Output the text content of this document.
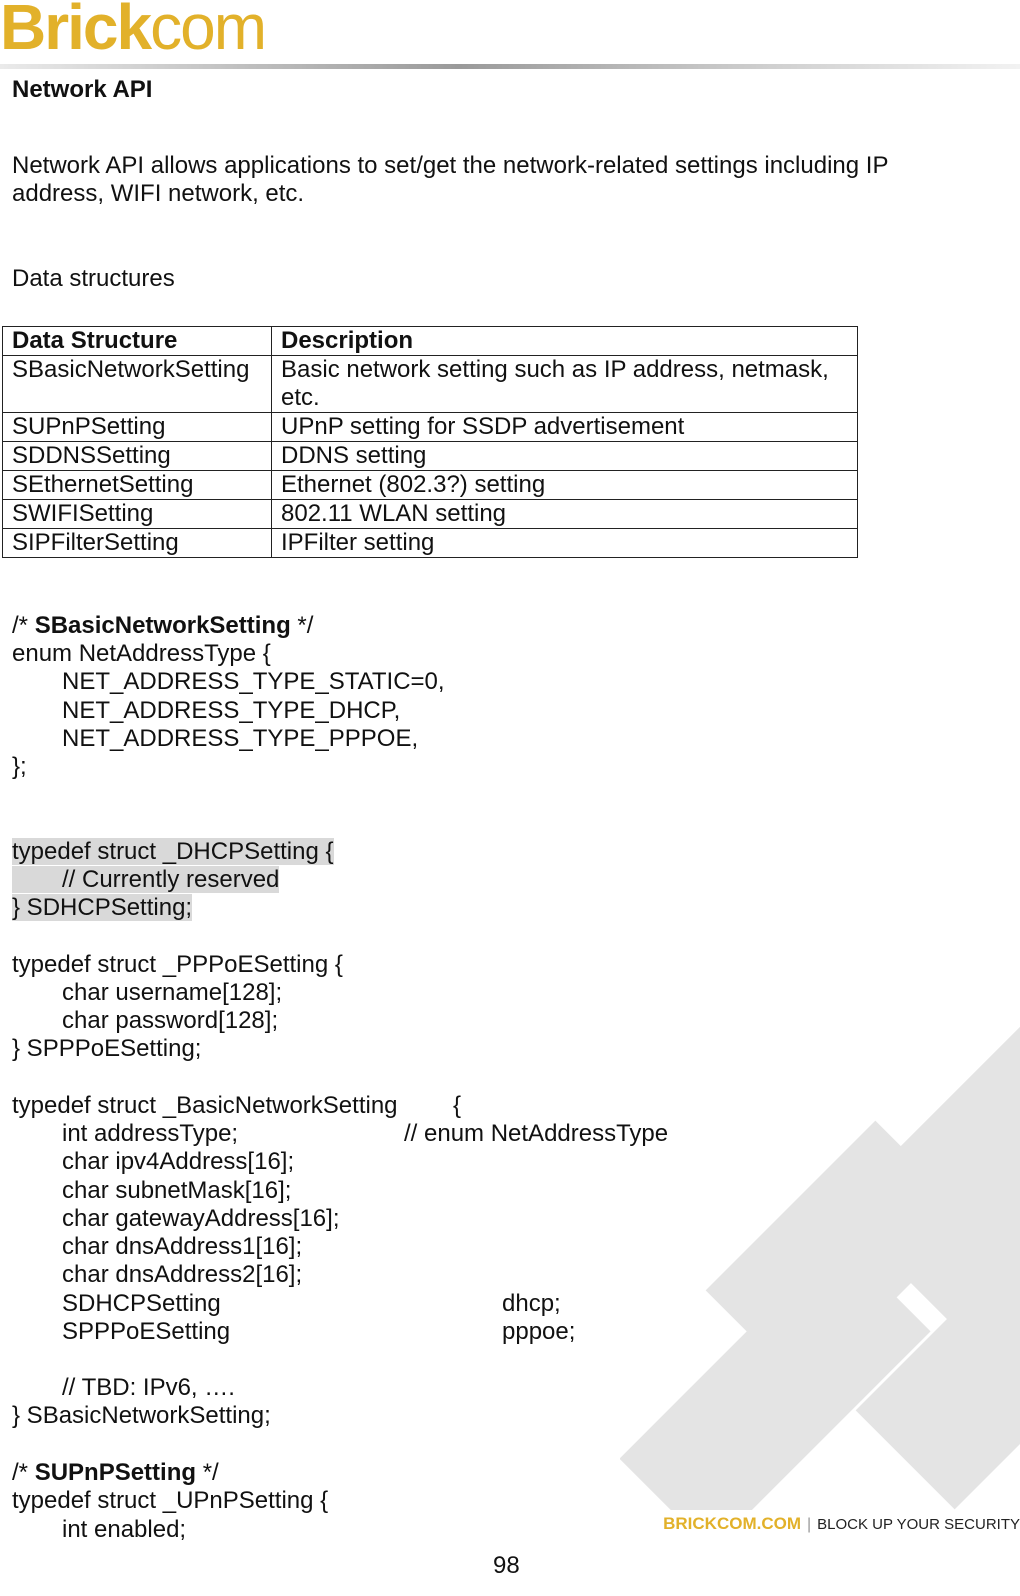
Brickcom
Network API
Network API allows applications to set/get the network-related settings including IP
address, WIFI network, etc.
Data structures
Data Structure	Description
SBasicNetworkSetting	Basic network setting such as IP address, netmask, etc.
SUPnPSetting	UPnP setting for SSDP advertisement
SDDNSSetting	DDNS setting
SEthernetSetting	Ethernet (802.3?) setting
SWIFISetting	802.11 WLAN setting
SIPFilterSetting	IPFilter setting
/* SBasicNetworkSetting */
enum NetAddressType {
NET_ADDRESS_TYPE_STATIC=0,
NET_ADDRESS_TYPE_DHCP,
NET_ADDRESS_TYPE_PPPOE,
};
typedef struct _DHCPSetting {
// Currently reserved
} SDHCPSetting;
typedef struct _PPPoESetting {
char username[128];
char password[128];
} SPPPoESetting;
typedef struct _BasicNetworkSetting {
int addressType;	// enum NetAddressType
char ipv4Address[16];
char subnetMask[16];
char gatewayAddress[16];
char dnsAddress1[16];
char dnsAddress2[16];
SDHCPSetting	dhcp;
SPPPoESetting	pppoe;
// TBD: IPv6, ….
} SBasicNetworkSetting;
/* SUPnPSetting */
typedef struct _UPnPSetting {
int enabled;	BRICKCOM.COM | BLOCK UP YOUR SECURITY
98
